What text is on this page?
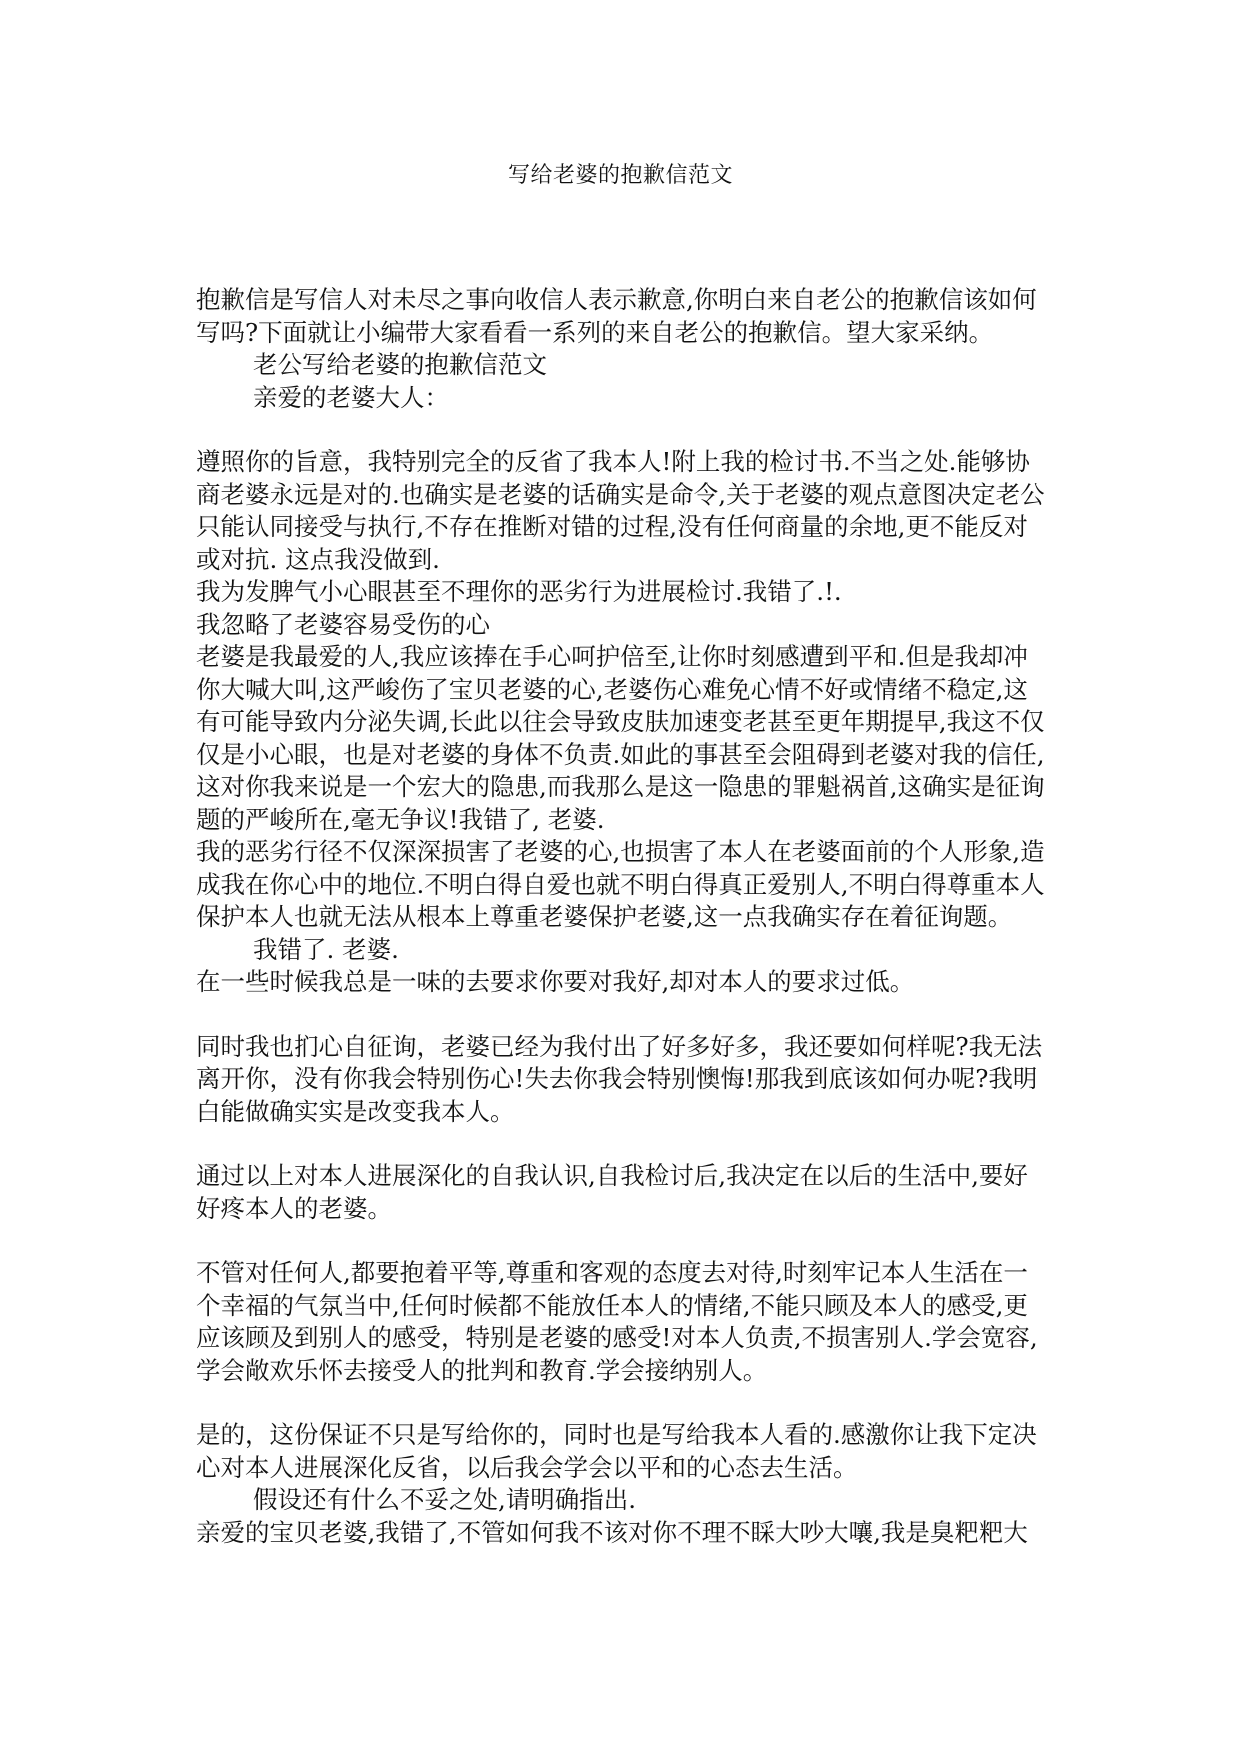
写给老婆的抱歉信范文

抱歉信是写信人对未尽之事向收信人表示歉意,你明白来自老公的抱歉信该如何写吗?下面就让小编带大家看看一系列的来自老公的抱歉信。望大家采纳。

老公写给老婆的抱歉信范文

亲爱的老婆大人：

遵照你的旨意，我特别完全的反省了我本人!附上我的检讨书.不当之处.能够协商老婆永远是对的.也确实是老婆的话确实是命令,关于老婆的观点意图决定老公只能认同接受与执行,不存在推断对错的过程,没有任何商量的余地,更不能反对或对抗. 这点我没做到.

我为发脾气小心眼甚至不理你的恶劣行为进展检讨.我错了.!.

我忽略了老婆容易受伤的心

老婆是我最爱的人,我应该捧在手心呵护倍至,让你时刻感遭到平和.但是我却冲你大喊大叫,这严峻伤了宝贝老婆的心,老婆伤心难免心情不好或情绪不稳定,这有可能导致内分泌失调,长此以往会导致皮肤加速变老甚至更年期提早,我这不仅仅是小心眼，也是对老婆的身体不负责.如此的事甚至会阻碍到老婆对我的信任,这对你我来说是一个宏大的隐患,而我那么是这一隐患的罪魁祸首,这确实是征询题的严峻所在,毫无争议!我错了, 老婆.

我的恶劣行径不仅深深损害了老婆的心,也损害了本人在老婆面前的个人形象,造成我在你心中的地位.不明白得自爱也就不明白得真正爱别人,不明白得尊重本人保护本人也就无法从根本上尊重老婆保护老婆,这一点我确实存在着征询题。

我错了. 老婆.

在一些时候我总是一味的去要求你要对我好,却对本人的要求过低。

同时我也扪心自征询，老婆已经为我付出了好多好多，我还要如何样呢?我无法离开你，没有你我会特别伤心!失去你我会特别懊悔!那我到底该如何办呢?我明白能做确实实是改变我本人。

通过以上对本人进展深化的自我认识,自我检讨后,我决定在以后的生活中,要好好疼本人的老婆。

不管对任何人,都要抱着平等,尊重和客观的态度去对待,时刻牢记本人生活在一个幸福的气氛当中,任何时候都不能放任本人的情绪,不能只顾及本人的感受,更应该顾及到别人的感受，特别是老婆的感受!对本人负责,不损害别人.学会宽容,学会敞欢乐怀去接受人的批判和教育.学会接纳别人。

是的，这份保证不只是写给你的，同时也是写给我本人看的.感激你让我下定决心对本人进展深化反省，以后我会学会以平和的心态去生活。

假设还有什么不妥之处,请明确指出.

亲爱的宝贝老婆,我错了,不管如何我不该对你不理不睬大吵大嚷,我是臭粑粑大
